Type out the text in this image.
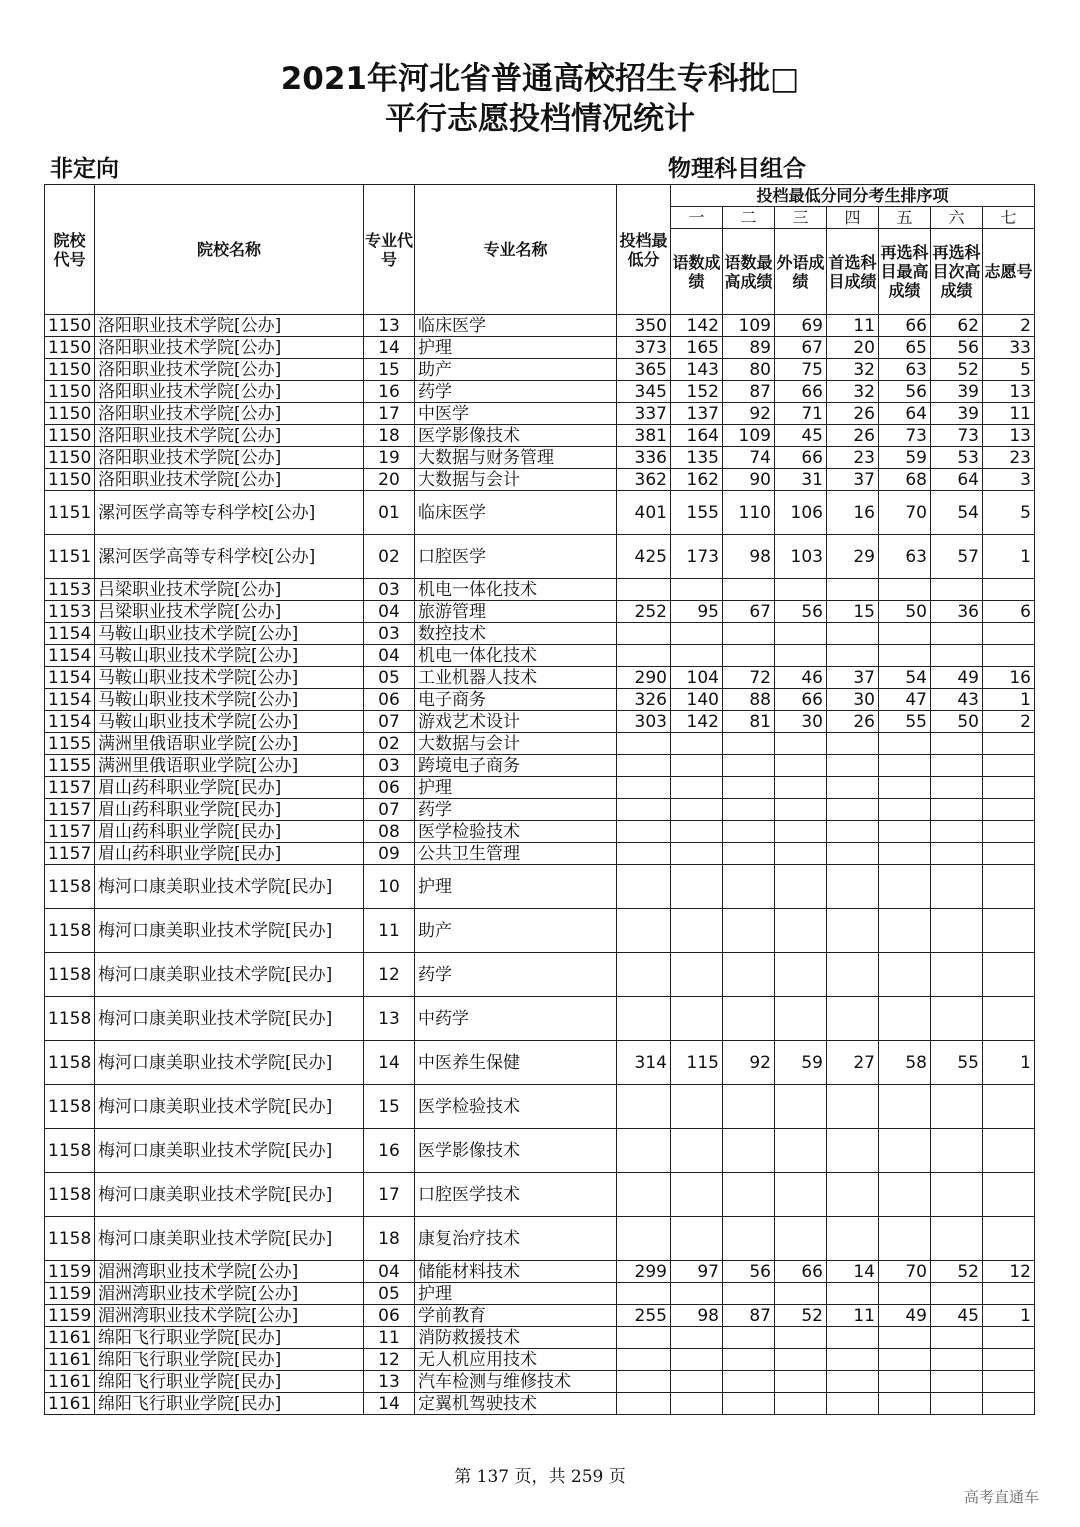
2021年河北省普通高校招生专科批□
平行志愿投档情况统计
非定向	物理科目组合
院校代号	院校名称	专业代号	专业名称	投档最低分	投档最低分同分考生排序项						
					一	二	三	四	五	六	七
					语数成绩	语数最高成绩	外语成绩	首选科目成绩	再选科目最高成绩	再选科目次高成绩	志愿号
1150	洛阳职业技术学院[公办]	13	临床医学	350	142	109	69	11	66	62	2
1150	洛阳职业技术学院[公办]	14	护理	373	165	89	67	20	65	56	33
1150	洛阳职业技术学院[公办]	15	助产	365	143	80	75	32	63	52	5
1150	洛阳职业技术学院[公办]	16	药学	345	152	87	66	32	56	39	13
1150	洛阳职业技术学院[公办]	17	中医学	337	137	92	71	26	64	39	11
1150	洛阳职业技术学院[公办]	18	医学影像技术	381	164	109	45	26	73	73	13
1150	洛阳职业技术学院[公办]	19	大数据与财务管理	336	135	74	66	23	59	53	23
1150	洛阳职业技术学院[公办]	20	大数据与会计	362	162	90	31	37	68	64	3
1151	漯河医学高等专科学校[公办]	01	临床医学	401	155	110	106	16	70	54	5
1151	漯河医学高等专科学校[公办]	02	口腔医学	425	173	98	103	29	63	57	1
1153	吕梁职业技术学院[公办]	03	机电一体化技术								
1153	吕梁职业技术学院[公办]	04	旅游管理	252	95	67	56	15	50	36	6
1154	马鞍山职业技术学院[公办]	03	数控技术								
1154	马鞍山职业技术学院[公办]	04	机电一体化技术								
1154	马鞍山职业技术学院[公办]	05	工业机器人技术	290	104	72	46	37	54	49	16
1154	马鞍山职业技术学院[公办]	06	电子商务	326	140	88	66	30	47	43	1
1154	马鞍山职业技术学院[公办]	07	游戏艺术设计	303	142	81	30	26	55	50	2
1155	满洲里俄语职业学院[公办]	02	大数据与会计								
1155	满洲里俄语职业学院[公办]	03	跨境电子商务								
1157	眉山药科职业学院[民办]	06	护理								
1157	眉山药科职业学院[民办]	07	药学								
1157	眉山药科职业学院[民办]	08	医学检验技术								
1157	眉山药科职业学院[民办]	09	公共卫生管理								
1158	梅河口康美职业技术学院[民办]	10	护理								
1158	梅河口康美职业技术学院[民办]	11	助产								
1158	梅河口康美职业技术学院[民办]	12	药学								
1158	梅河口康美职业技术学院[民办]	13	中药学								
1158	梅河口康美职业技术学院[民办]	14	中医养生保健	314	115	92	59	27	58	55	1
1158	梅河口康美职业技术学院[民办]	15	医学检验技术								
1158	梅河口康美职业技术学院[民办]	16	医学影像技术								
1158	梅河口康美职业技术学院[民办]	17	口腔医学技术								
1158	梅河口康美职业技术学院[民办]	18	康复治疗技术								
1159	湄洲湾职业技术学院[公办]	04	储能材料技术	299	97	56	66	14	70	52	12
1159	湄洲湾职业技术学院[公办]	05	护理								
1159	湄洲湾职业技术学院[公办]	06	学前教育	255	98	87	52	11	49	45	1
1161	绵阳飞行职业学院[民办]	11	消防救援技术								
1161	绵阳飞行职业学院[民办]	12	无人机应用技术								
1161	绵阳飞行职业学院[民办]	13	汽车检测与维修技术								
1161	绵阳飞行职业学院[民办]	14	定翼机驾驶技术								
第 137 页，共 259 页
高考直通车
